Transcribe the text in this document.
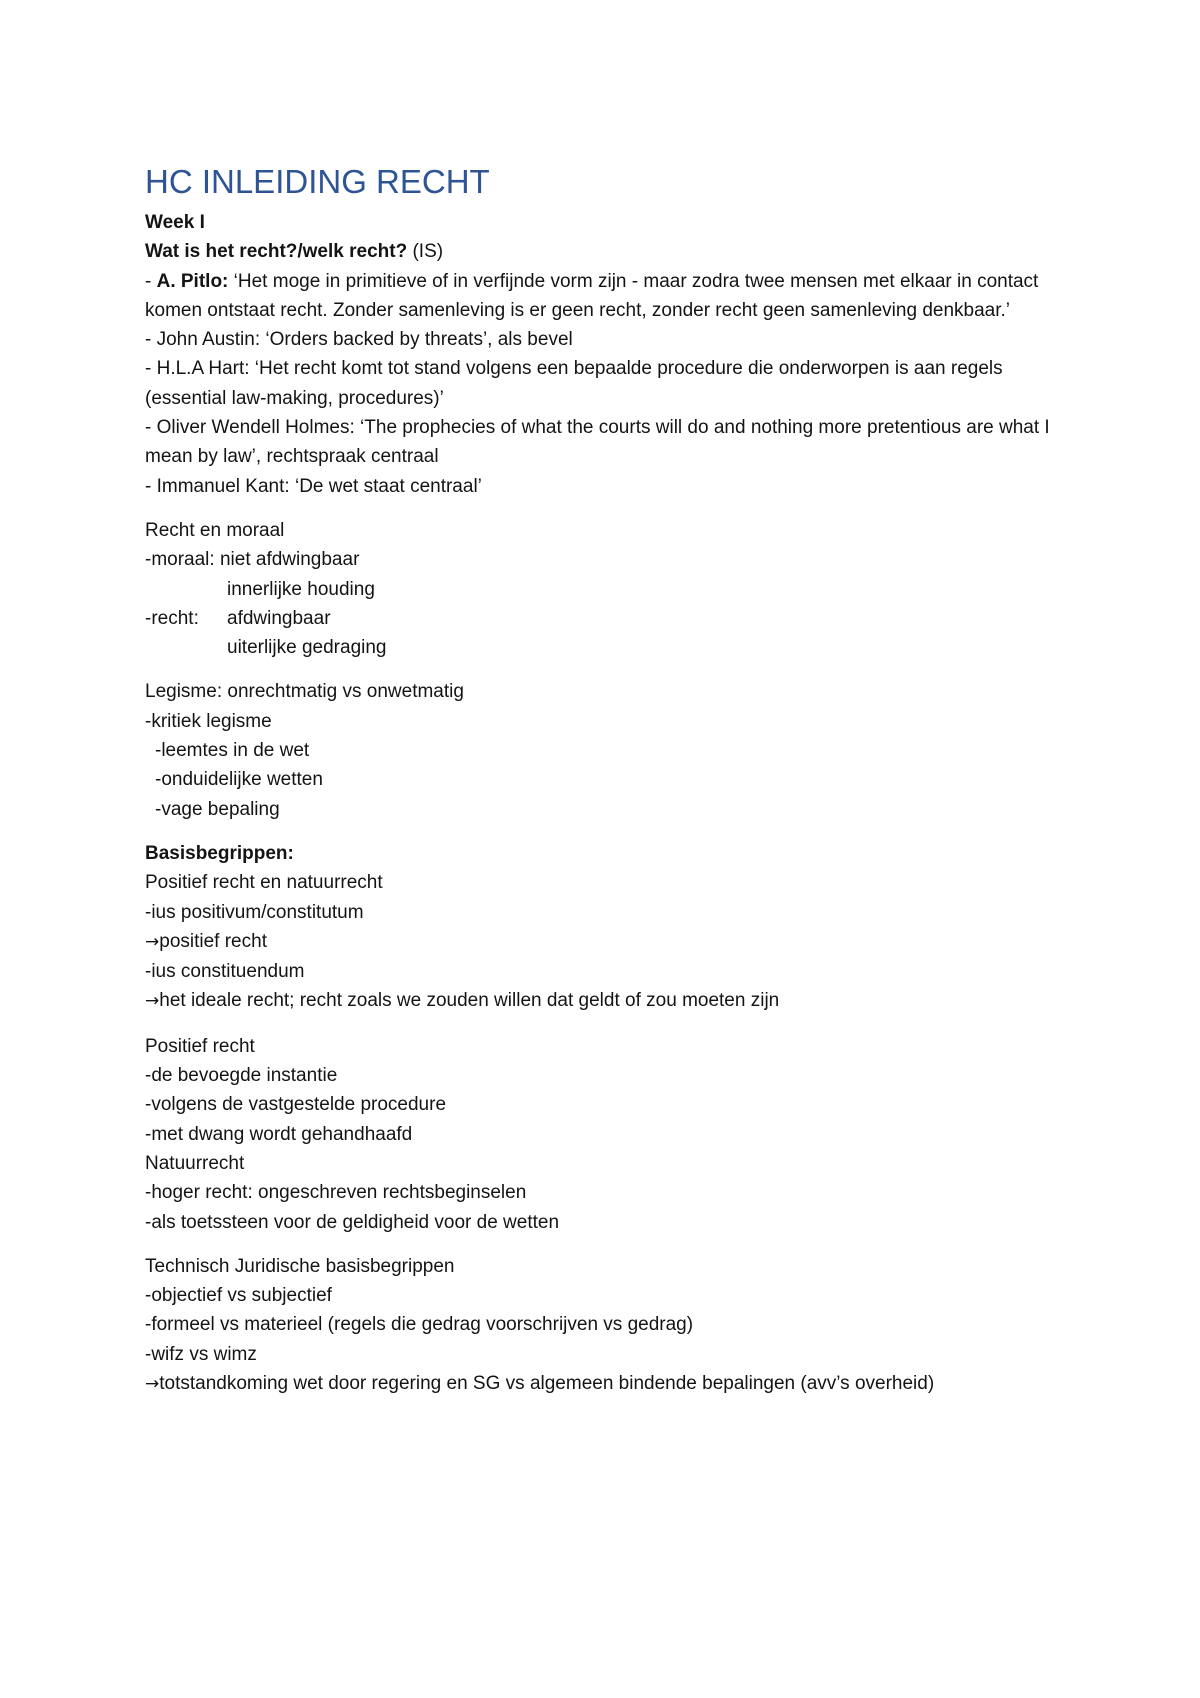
HC INLEIDING RECHT

Week I

Wat is het recht?/welk recht? (IS)

- A. Pitlo: ‘Het moge in primitieve of in verfijnde vorm zijn - maar zodra twee mensen met elkaar in contact komen ontstaat recht. Zonder samenleving is er geen recht, zonder recht geen samenleving denkbaar.’

- John Austin: ‘Orders backed by threats’, als bevel

- H.L.A Hart: ‘Het recht komt tot stand volgens een bepaalde procedure die onderworpen is aan regels (essential law-making, procedures)’

- Oliver Wendell Holmes: ‘The prophecies of what the courts will do and nothing more pretentious are what I mean by law’, rechtspraak centraal

- Immanuel Kant: ‘De wet staat centraal’

Recht en moraal

-moraal: niet afdwingbaar

innerlijke houding

-recht: afdwingbaar

uiterlijke gedraging

Legisme: onrechtmatig vs onwetmatig

-kritiek legisme

-leemtes in de wet

-onduidelijke wetten

-vage bepaling

Basisbegrippen:

Positief recht en natuurrecht

-ius positivum/constitutum

→positief recht

-ius constituendum

→het ideale recht; recht zoals we zouden willen dat geldt of zou moeten zijn

Positief recht

-de bevoegde instantie

-volgens de vastgestelde procedure

-met dwang wordt gehandhaafd

Natuurrecht

-hoger recht: ongeschreven rechtsbeginselen

-als toetssteen voor de geldigheid voor de wetten

Technisch Juridische basisbegrippen

-objectief vs subjectief

-formeel vs materieel (regels die gedrag voorschrijven vs gedrag)

-wifz vs wimz

→totstandkoming wet door regering en SG vs algemeen bindende bepalingen (avv’s overheid)
